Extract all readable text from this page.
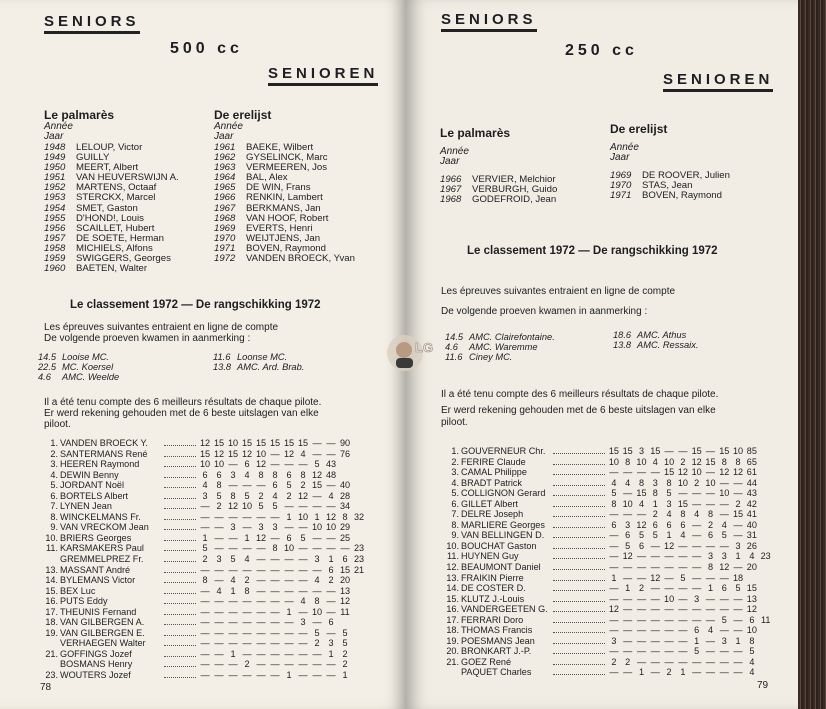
SENIORS
500 cc
SENIOREN
Le palmarès	De erelijst
Année
Jaar
Année
Jaar
1948	LELOUP, Victor
1949	GUILLY
1950	MEERT, Albert
1951	VAN HEUVERSWIJN A.
1952	MARTENS, Octaaf
1953	STERCKX, Marcel
1954	SMET, Gaston
1955	D'HOND!, Louis
1956	SCAILLET, Hubert
1957	DE SOETE, Herman
1958	MICHIELS, Alfons
1959	SWIGGERS, Georges
1960	BAETEN, Walter
1961	BAEKE, Wilbert
1962	GYSELINCK, Marc
1963	VERMEEREN, Jos
1964	BAL, Alex
1965	DE WIN, Frans
1966	RENKIN, Lambert
1967	BERKMANS, Jan
1968	VAN HOOF, Robert
1969	EVERTS, Henri
1970	WEIJTJENS, Jan
1971	BOVEN, Raymond
1972	VANDEN BROECK, Yvan
Le classement 1972 — De rangschikking 1972
Les épreuves suivantes entraient en ligne de compte
De volgende proeven kwamen in aanmerking :
14.5 Looise MC.
22.5 MC. Koersel
4.6	AMC. Weelde
11.6 Loonse MC.
13.8 AMC. Ard. Brab.
Il a été tenu compte des 6 meilleurs résultats de chaque pilote.
Er werd rekening gehouden met de 6 beste uitslagen van elke
piloot.
1. VANDEN BROECK Y.	12 15 10 15 15 15 15 15 — — 90
2. SANTERMANS René	15 12 15 12 10 — 12 4 — — 76
3. HEEREN Raymond	10 10 — 6 12 — — — 5 43
4. DEWIN Benny	6 6 3 4 8 8 6 8 12 48
5. JORDANT Noël	4 8 — — — 6 5 2 15 — 40
6. BORTELS Albert	3 5 8 5 2 4 2 12 — 4 28
7. LYNEN Jean	— 2 12 10 5 5 — — — — 34
8. WINCKELMANS Fr.	— — — — — — 1 10 1 12 8 32
9. VAN VRECKOM Jean	— — 3 — 3 3 — — 10 10 29
10. BRIERS Georges	1 — — 1 12 — 6 5 — — 25
11. KARSMAKERS Paul	5 — — — — 8 10 — — — — 23
GREMMELPREZ Fr.	2 3 5 4 — — — — 3 1 6 23
13. MASSANT André	— — — — — — — — — 6 15 21
14. BYLEMANS Victor	8 — 4 2 — — — — 4 2 20
15. BEX Luc	— 4 1 8 — — — — — — 13
16. PUTS Eddy	— — — — — — — 4 8 — 12
17. THEUNIS Fernand	— — — — — — 1 — 10 — 11
18. VAN GILBERGEN A.	— — — — — — — 3 — 6
19. VAN GILBERGEN E.	— — — — — — — — 5 — 5
VERHAEGEN Walter	— — — — — — — — 2 3 5
21. GOFFINGS Jozef	— — 1 — — — — — — 1 2
BOSMANS Henry	— — — 2 — — — — — — 2
23. WOUTERS Jozef	— — — — — — 1 — — — 1
78
SENIORS
250 cc
SENIOREN
Le palmarès	De erelijst
Année
Jaar
Année
Jaar
1966	VERVIER, Melchior
1967	VERBURGH, Guido
1968	GODEFROID, Jean
1969	DE ROOVER, Julien
1970	STAS, Jean
1971	BOVEN, Raymond
Le classement 1972 — De rangschikking 1972
Les épreuves suivantes entraient en ligne de compte
De volgende proeven kwamen in aanmerking :
14.5 AMC. Clairefontaine.
4.6	AMC. Waremme
11.6 Ciney MC.
18.6 AMC. Athus
13.8 AMC. Ressaix.
Il a été tenu compte des 6 meilleurs résultats de chaque pilote.
Er werd rekening gehouden met de 6 beste uitslagen van elke
piloot.
1. GOUVERNEUR Chr.	15 15 3 15 — — 15 — 15 10 85
2. FERIRE Claude	10 8 10 4 10 2 12 15 8 8 65
3. CAMAL Philippe	— — — — 15 12 10 — 12 12 61
4. BRADT Patrick	4 4 8 3 8 10 2 10 — — 44
5. COLLIGNON Gerard	5 — 15 8 5 — — — 10 — 43
6. GILLET Albert	8 10 4 1 3 15 — — — 2 42
7. DELRE Joseph	— — — 2 4 8 4 8 — 15 41
8. MARLIERE Georges	6 3 12 6 6 6 — 2 4 — 40
9. VAN BELLINGEN D.	— 6 5 5 1 4 — 6 5 — 31
10. BOUCHAT Gaston	— 5 6 — 12 — — — — 3 26
11. HUYNEN Guy	— 12 — — — — — 3 3 1 4 23
12. BEAUMONT Daniel	— — — — — — — 8 12 — 20
13. FRAIKIN Pierre	1 — — 12 — 5 — — — 18
14. DE COSTER D.	— 1 2 — — — — 1 6 5 15
15. KLUTZ J.-Louis	— — — — 10 — 3 — — — 13
16. VANDERGEETEN G.	12 — — — — — — — — — 12
17. FERRARI Doro	— — — — — — — — 5 — 6 11
18. THOMAS Francis	— — — — — — 6 4 — — 10
19. POESMANS Jean	3 — — — — — 1 — 3 1 8
20. BRONKART J.-P.	— — — — — — 5 — — — 5
21. GOEZ René	2 2 — — — — — — — — 4
PAQUET Charles	— — 1 — 2 1 — — — — 4
79
LG
